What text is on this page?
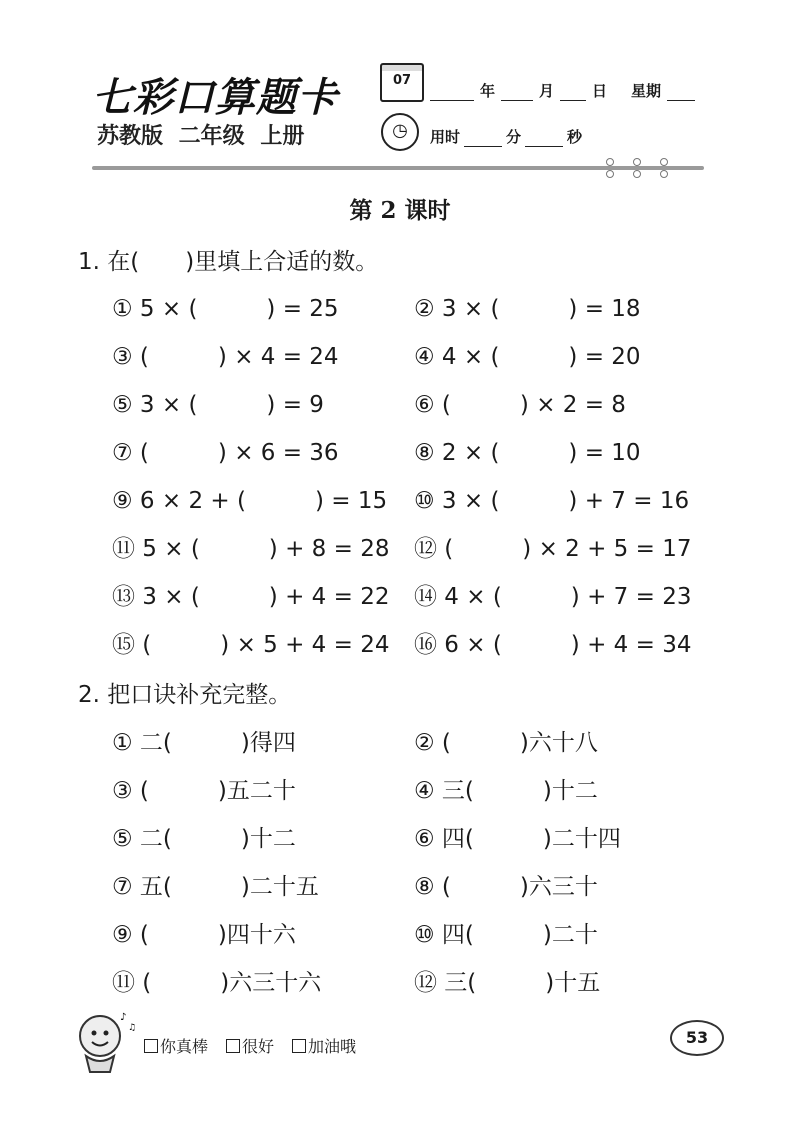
七彩口算题卡
苏教版 二年级 上册
07
◷
年	月	日 星期
用时	分	秒
第 2 课时
1. 在(　　)里填上合适的数。
① 5 × (　　　) = 25	② 3 × (　　　) = 18
③ (　　　) × 4 = 24	④ 4 × (　　　) = 20
⑤ 3 × (　　　) = 9	⑥ (　　　) × 2 = 8
⑦ (　　　) × 6 = 36	⑧ 2 × (　　　) = 10
⑨ 6 × 2 + (　　　) = 15 ⑩ 3 × (　　　) + 7 = 16
⑪ 5 × (　　　) + 8 = 28 ⑫ (　　　) × 2 + 5 = 17
⑬ 3 × (　　　) + 4 = 22 ⑭ 4 × (　　　) + 7 = 23
⑮ (　　　) × 5 + 4 = 24 ⑯ 6 × (　　　) + 4 = 34
2. 把口诀补充完整。
① 二(　　　)得四	② (　　　)六十八
③ (　　　)五二十	④ 三(　　　)十二
⑤ 二(　　　)十二	⑥ 四(　　　)二十四
⑦ 五(　　　)二十五	⑧ (　　　)六三十
⑨ (　　　)四十六	⑩ 四(　　　)二十
⑪ (　　　)六三十六	⑫ 三(　　　)十五
♪
♫
你真棒 很好 加油哦	53
